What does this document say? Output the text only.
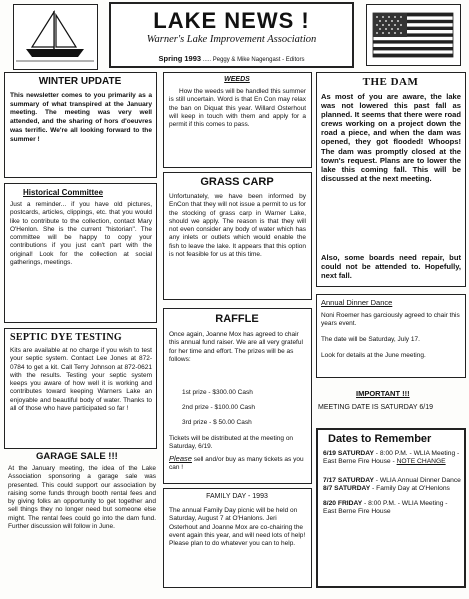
LAKE NEWS !
Warner's Lake Improvement Association
Spring 1993 ..... Peggy & Mike Nagengast - Editors
WINTER UPDATE
This newsletter comes to you primarily as a summary of what transpired at the January meeting. The meeting was very well attended, and the sharing of hors d'oeuvres was terrific. We're all looking forward to the summer !
Historical Committee
Just a reminder... if you have old pictures, postcards, articles, clippings, etc. that you would like to contribute to the collection, contact Mary O'Henlon. She is the current "historian". The committee will be happy to copy your contributions if you just can't part with the original! Look for the collection at social gatherings, meetings.
SEPTIC DYE TESTING
Kits are available at no charge if you wish to test your septic system. Contact Lee Jones at 872-0784 to get a kit. Call Terry Johnson at 872-0621 with the results. Testing your septic system keeps you aware of how well it is working and contributes toward keeping Warners Lake an enjoyable and beautiful body of water. Thanks to all of those who have participated so far !
GARAGE SALE !!!
At the January meeting, the idea of the Lake Association sponsoring a garage sale was presented. This could support our association by raising some funds through booth rental fees and by giving folks an opportunity to get together and sell things they no longer need but someone else might. The rental fees could go into the dam fund. Further discussion will follow in June.
WEEDS
How the weeds will be handled this summer is still uncertain. Word is that En Con may relax the ban on Diquat this year. Willard Osterhout will keep in touch with them and apply for a permit if this comes to pass.
GRASS CARP
Unfortunately, we have been informed by EnCon that they will not issue a permit to us for the stocking of grass carp in Warner Lake, should we apply. The reason is that they will not even consider any body of water which has any inlets or outlets which would enable the fish to leave the lake. It appears that this option is not feasible for us at this time.
RAFFLE
Once again, Joanne Mox has agreed to chair this annual fund raiser. We are all very grateful for her time and effort. The prizes will be as follows:
1st prize - $300.00 Cash
2nd prize - $100.00 Cash
3rd prize - $ 50.00 Cash
Tickets will be distributed at the meeting on Saturday, 6/19.
Please sell and/or buy as many tickets as you can !
FAMILY DAY - 1993
The annual Family Day picnic will be held on Saturday, August 7 at O'Hanlons. Jeri Osterhout and Joanne Mox are co-chairing the event again this year, and will need lots of help! Please plan to do whatever you can to help.
THE DAM
As most of you are aware, the lake was not lowered this past fall as planned. It seems that there were road crews working on a project down the road a piece, and when the dam was opened, they got flooded! Whoops! The dam was promptly closed at the town's request. Plans are to lower the lake this coming fall. This will be discussed at the next meeting.
Also, some boards need repair, but could not be attended to. Hopefully, next fall.
Annual Dinner Dance
Noni Roemer has garciously agreed to chair this years event.
The date will be Saturday, July 17.
Look for details at the June meeting.
IMPORTANT !!!
MEETING DATE IS SATURDAY 6/19
Dates to Remember

6/19 SATURDAY - 8:00 P.M. - WLIA Meeting - East Berne Fire House - NOTE CHANGE

7/17 SATURDAY - WLIA Annual Dinner Dance

8/7 SATURDAY - Family Day at O'Henlons

8/20 FRIDAY - 8:00 P.M. - WLIA Meeting - East Berne Fire House
